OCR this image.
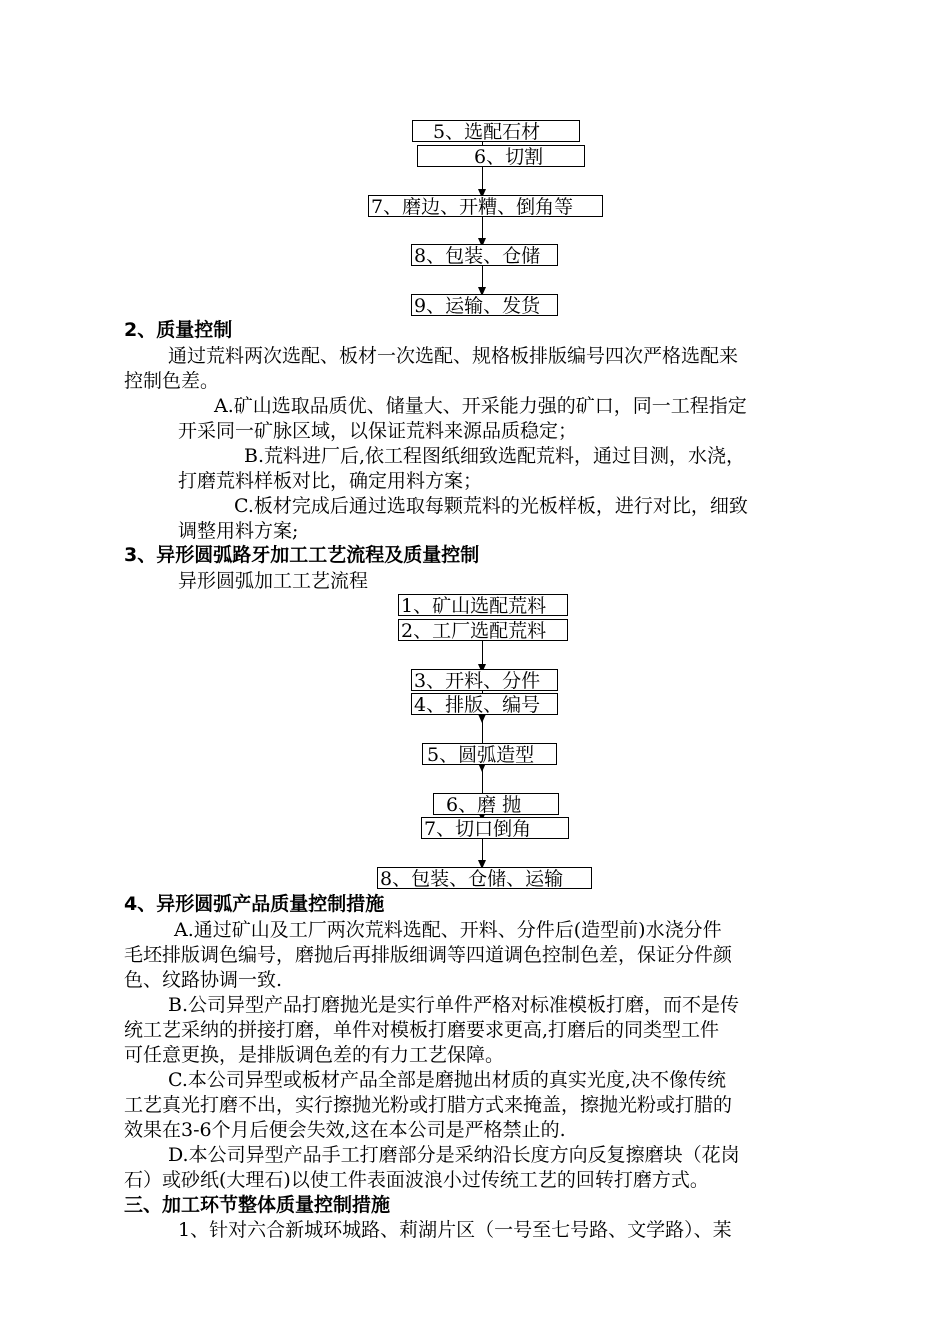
5、选配石材
6、切割
7、磨边、开糟、倒角等
8、包装、仓储
9、运输、发货
2、质量控制
通过荒料两次选配、板材一次选配、规格板排版编号四次严格选配来
控制色差。
A.矿山选取品质优、储量大、开采能力强的矿口，同一工程指定
开采同一矿脉区域，以保证荒料来源品质稳定；
B.荒料进厂后,依工程图纸细致选配荒料，通过目测，水浇，
打磨荒料样板对比，确定用料方案；
C.板材完成后通过选取每颗荒料的光板样板，进行对比，细致
调整用料方案;
3、异形圆弧路牙加工工艺流程及质量控制
异形圆弧加工工艺流程
1、矿山选配荒料
2、工厂选配荒料
3、开料、分件
4、排版、编号
5、圆弧造型
6、磨 抛
7、切口倒角
8、包装、仓储、运输
4、异形圆弧产品质量控制措施
A.通过矿山及工厂两次荒料选配、开料、分件后(造型前)水浇分件
毛坯排版调色编号，磨抛后再排版细调等四道调色控制色差，保证分件颜
色、纹路协调一致.
B.公司异型产品打磨抛光是实行单件严格对标准模板打磨，而不是传
统工艺采纳的拼接打磨，单件对模板打磨要求更高,打磨后的同类型工件
可任意更换，是排版调色差的有力工艺保障。
C.本公司异型或板材产品全部是磨抛出材质的真实光度,决不像传统
工艺真光打磨不出，实行擦抛光粉或打腊方式来掩盖，擦抛光粉或打腊的
效果在3-6个月后便会失效,这在本公司是严格禁止的.
D.本公司异型产品手工打磨部分是采纳沿长度方向反复擦磨块（花岗
石）或砂纸(大理石)以使工件表面波浪小过传统工艺的回转打磨方式。
三、加工环节整体质量控制措施
1、针对六合新城环城路、莉湖片区（一号至七号路、文学路）、苿
